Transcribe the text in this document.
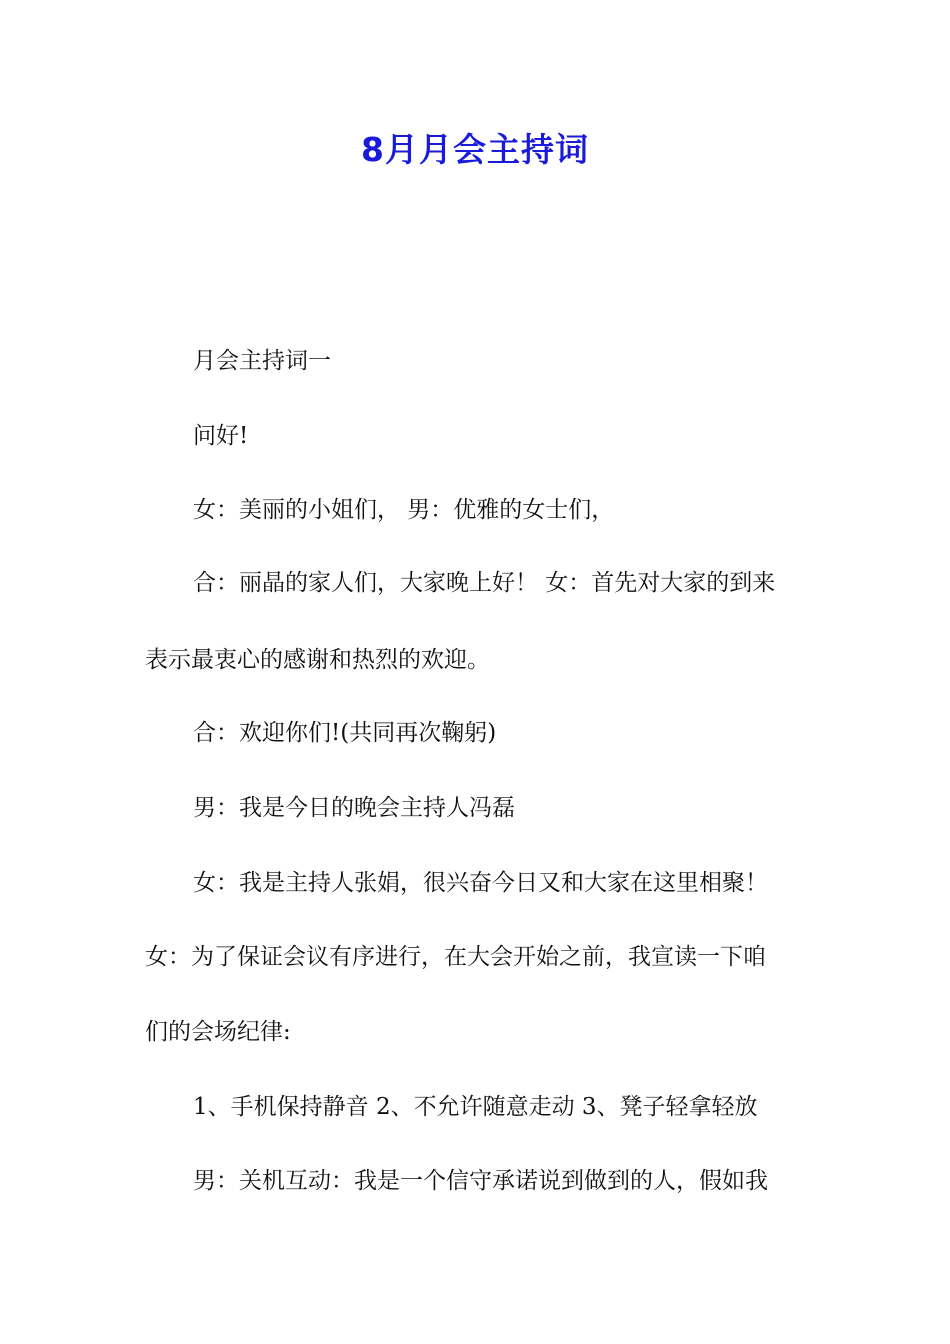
8月月会主持词

月会主持词一

问好!

女：美丽的小姐们， 男：优雅的女士们，

合：丽晶的家人们，大家晚上好！ 女：首先对大家的到来

表示最衷心的感谢和热烈的欢迎。

合：欢迎你们!(共同再次鞠躬)

男：我是今日的晚会主持人冯磊

女：我是主持人张娟，很兴奋今日又和大家在这里相聚！

女：为了保证会议有序进行，在大会开始之前，我宣读一下咱

们的会场纪律:

1、手机保持静音 2、不允许随意走动 3、凳子轻拿轻放

男：关机互动：我是一个信守承诺说到做到的人，假如我
